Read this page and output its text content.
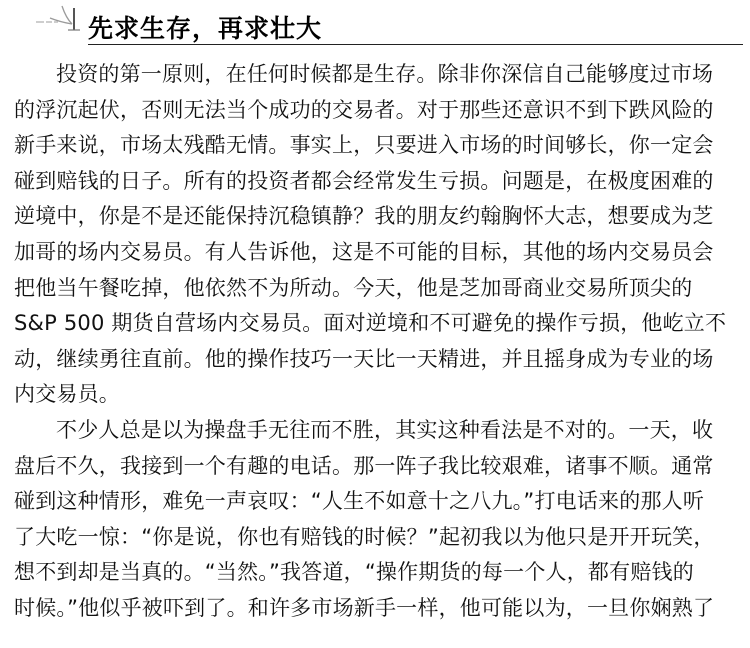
先求生存，再求壮大
投资的第一原则，在任何时候都是生存。除非你深信自己能够度过市场
的浮沉起伏，否则无法当个成功的交易者。对于那些还意识不到下跌风险的
新手来说，市场太残酷无情。事实上，只要进入市场的时间够长，你一定会
碰到赔钱的日子。所有的投资者都会经常发生亏损。问题是，在极度困难的
逆境中，你是不是还能保持沉稳镇静？我的朋友约翰胸怀大志，想要成为芝
加哥的场内交易员。有人告诉他，这是不可能的目标，其他的场内交易员会
把他当午餐吃掉，他依然不为所动。今天，他是芝加哥商业交易所顶尖的
S&P 500 期货自营场内交易员。面对逆境和不可避免的操作亏损，他屹立不
动，继续勇往直前。他的操作技巧一天比一天精进，并且摇身成为专业的场
内交易员。
不少人总是以为操盘手无往而不胜，其实这种看法是不对的。一天，收
盘后不久，我接到一个有趣的电话。那一阵子我比较艰难，诸事不顺。通常
碰到这种情形，难免一声哀叹：“人生不如意十之八九。”打电话来的那人听
了大吃一惊：“你是说，你也有赔钱的时候？”起初我以为他只是开开玩笑，
想不到却是当真的。“当然。”我答道，“操作期货的每一个人，都有赔钱的
时候。”他似乎被吓到了。和许多市场新手一样，他可能以为，一旦你娴熟了
